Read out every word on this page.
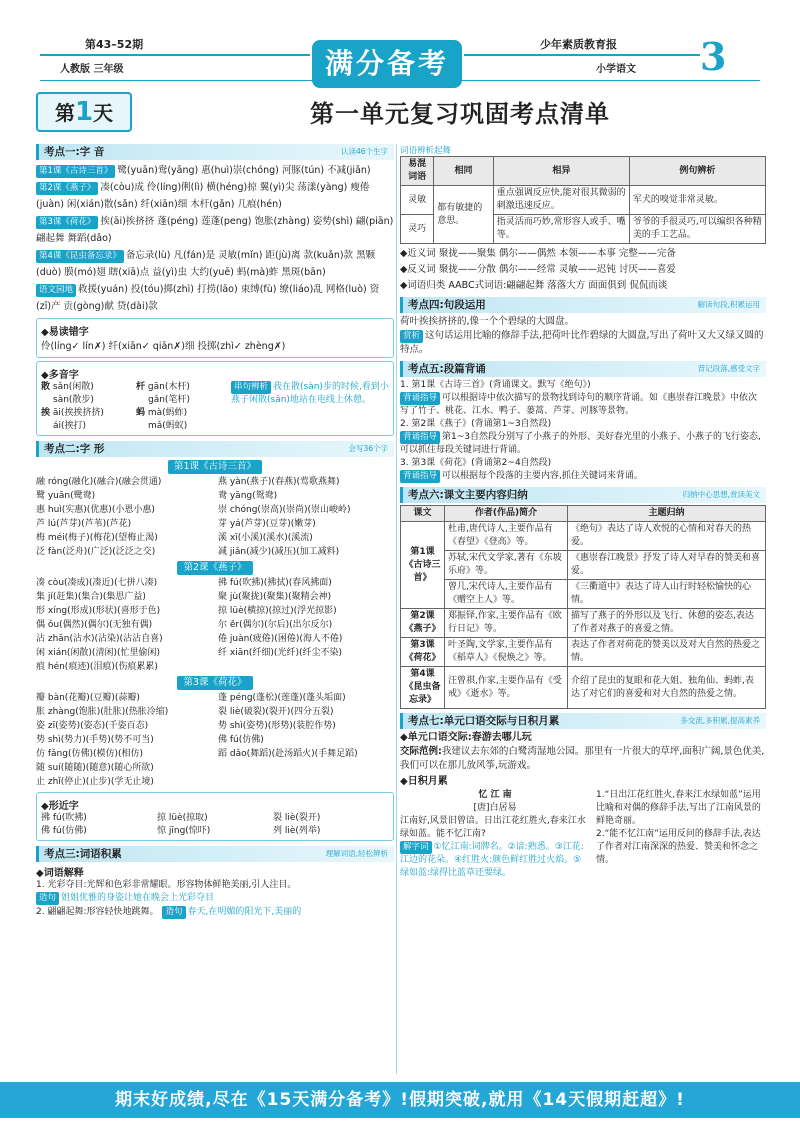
第43–52期
人教版 三年级	满分备考
少年素质教育报
小学语文 3
第1天	第一单元复习巩固考点清单
考点一:字 音	认读46个生字
第1课《古诗三首》 鹭(yuān)鸯(yāng) 惠(huì)崇(chóng) 河豚(tún) 不减(jiǎn)
第2课《燕子》 凑(còu)成 伶(líng)俐(lì) 横(héng)掠 翼(yì)尖 荡漾(yàng) 瘦倦(juàn) 闲(xián)散(sǎn) 纤(xiān)细 木杆(gǎn) 几痕(hén)
第3课《荷花》 挨(āi)挨挤挤 蓬(péng) 莲蓬(peng) 饱胀(zhàng) 姿势(shì) 翩(piān)翩起舞 舞蹈(dǎo)
第4课《昆虫备忘录》 备忘录(lù) 凡(fán)是 灵敏(mǐn) 距(jù)离 款(kuǎn)款 黑颗(duò) 膜(mó)翅 瞎(xiā)点 益(yì)虫 大约(yuē) 蚂(mà)蚱 黑斑(bān)
语文园地 救援(yuán) 投(tóu)掷(zhì) 打捞(lāo) 束缚(fù) 缭(liáo)乱 网格(luò) 资(zī)产 贡(gòng)献 贷(dài)款
◆易读错字
伶(líng✓ lín✗) 纤(xiān✓ qiān✗)细 投掷(zhì✓ zhèng✗)
◆多音字
散 sǎn(闲散)
sàn(散步)
杆 gān(木杆)
gǎn(笔杆)
挨 āi(挨挨挤挤)
ái(挨打)
蚂 mà(蚂蚱)
mǎ(蚂蚁)
串句辨析 我在散(sàn)步的时候,看到小燕子闲散(sǎn)地站在电线上休憩。
考点二:字 形	会写36个字
第1课《古诗三首》
融 róng(融化)(融合)(融会贯通)
鹭 yuān(鹭鸯)
惠 huì(实惠)(优惠)(小恩小惠)
芦 lú(芦芽)(芦苇)(芦花)
梅 méi(梅子)(梅花)(望梅止渴)
泛 fàn(泛舟)(广泛)(泛泛之交)
燕 yàn(燕子)(春燕)(莺歌燕舞)
鸯 yāng(鸳鸯)
崇 chóng(崇高)(崇尚)(崇山峻岭)
芽 yá(芦芽)(豆芽)(嫩芽)
溪 xī(小溪)(溪水)(溪流)
减 jiǎn(减少)(减压)(加工减料)
第2课《燕子》
凑 còu(凑成)(凑近)(七拼八凑)
集 jí(赶集)(集合)(集思广益)
形 xíng(形成)(形状)(喜形于色)
偶 ǒu(偶然)(偶尔)(无独有偶)
沾 zhān(沾水)(沾染)(沾沾自喜)
闲 xián(闲散)(清闲)(忙里偷闲)
痕 hén(痕迹)(泪痕)(伤痕累累)
拂 fú(吹拂)(拂拭)(春风拂面)
聚 jù(聚拢)(聚集)(聚精会神)
掠 lüè(横掠)(掠过)(浮光掠影)
尔 ěr(偶尔)(尔后)(出尔反尔)
倦 juàn(疲倦)(困倦)(海人不倦)
纤 xiān(纤细)(光纤)(纤尘不染)
第3课《荷花》
瓣 bàn(花瓣)(豆瓣)(蒜瓣)
胀 zhàng(饱胀)(肚胀)(热胀冷缩)
姿 zī(姿势)(姿态)(千姿百态)
势 shì(势力)(手势)(势不可当)
仿 fǎng(仿佛)(模仿)(相仿)
随 suí(随随)(随意)(随心所欲)
止 zhǐ(停止)(止步)(学无止境)
蓬 péng(蓬松)(莲蓬)(蓬头垢面)
裂 liè(破裂)(裂开)(四分五裂)
势 shì(姿势)(形势)(装腔作势)
佛 fú(仿佛)
蹈 dǎo(舞蹈)(赴汤蹈火)(手舞足蹈)
◆形近字
拂 fú(吹拂)	掠 lüè(掠取)	裂 liè(裂开)
佛 fú(仿佛)	惊 jīng(惊吓)	列 liè(列举)
考点三:词语积累	理解词语,轻松辨析
◆词语解释
1. 光彩夺目:光辉和色彩非常耀眼。形容物体鲜艳美丽,引人注目。
造句 姐姐优雅的身姿让她在晚会上光彩夺目
2. 翩翩起舞:形容轻快地跳舞。 造句 春天,在明媚的阳光下,美丽的
词语辨析起舞
易混词语	相同	相异	例句辨析
灵敏	都有敏捷的意思。	重点强调反应快,能对很其微弱的刺激迅速反应。	军犬的嗅觉非常灵敏。
灵巧		指灵活而巧妙,常形容人或手、嘴等。	爷爷的手很灵巧,可以编织各种精美的手工艺品。
◆近义词 聚拢——聚集 偶尔——偶然 本领——本事 完整——完备
◆反义词 聚拢——分散 偶尔——经常 灵敏——迟钝 讨厌——喜爱
◆词语归类 AABC式词语:翩翩起舞 落落大方 面面俱到 侃侃而谈
考点四:句段运用	解读句段,积累运用
荷叶挨挨挤挤的,像一个个碧绿的大圆盘。
赏析 这句话运用比喻的修辞手法,把荷叶比作碧绿的大圆盘,写出了荷叶又大又绿又圆的特点。
考点五:段篇背诵	背记段落,感受文字
1. 第1课《古诗三首》(背诵课文。默写《绝句》)
背诵指导 可以根据诗中依次描写的景物找到诗句的顺序背诵。如《惠崇春江晚景》中依次写了竹子、桃花、江水、鸭子、蒌蒿、芦芽、河豚等景物。
2. 第2课《燕子》(背诵第1~3自然段)
背诵指导 第1~3自然段分别写了小燕子的外形、美好春光里的小燕子、小燕子的飞行姿态,可以抓住每段关键词进行背诵。
3. 第3课《荷花》(背诵第2~4自然段)
背诵指导 可以根据每个段落的主要内容,抓住关键词来背诵。
考点六:课文主要内容归纳	归纳中心思想,赏读美文
课文	作者(作品)简介	主题归纳
第1课《古诗三首》	杜甫,唐代诗人,主要作品有《春望》《登高》等。	《绝句》表达了诗人欢悦的心情和对春天的热爱。
	苏轼,宋代文学家,著有《东坡乐府》等。	《惠崇春江晚景》抒发了诗人对早春的赞美和喜爱。
	曾几,宋代诗人,主要作品有《赠空上人》等。	《三衢道中》表达了诗人山行时轻松愉快的心情。
第2课《燕子》	郑振铎,作家,主要作品有《欧行日记》等。	描写了燕子的外形以及飞行、休憩的姿态,表达了作者对燕子的喜爱之情。
第3课《荷花》	叶圣陶,文学家,主要作品有《稻草人》《倪焕之》等。	表达了作者对荷花的赞美以及对大自然的热爱之情。
第4课《昆虫备忘录》	汪曾祺,作家,主要作品有《受戒》《逝水》等。	介绍了昆虫的复眼和花大姐、独角仙、蚂蚱,表达了对它们的喜爱和对大自然的热爱之情。
考点七:单元口语交际与日积月累	多交流,多积累,提高素养
◆单元口语交际:春游去哪儿玩
交际范例:我建议去东郊的白鹭湾湿地公园。那里有一片很大的草坪,面积广阔,景色优美,我们可以在那儿放风筝,玩游戏。
◆日积月累
忆 江 南
[唐]白居易
江南好,风景旧曾谙。日出江花红胜火,春来江水绿如蓝。能不忆江南?
解字词 ①忆江南:词牌名。②谙:熟悉。③江花:江边的花朵。④红胜火:颜色鲜红胜过火焰。⑤绿如蓝:绿得比蓝草还要绿。
1.“日出江花红胜火,春来江水绿如蓝”运用比喻和对偶的修辞手法,写出了江南风景的鲜艳奇丽。
2.“能不忆江南”运用反问的修辞手法,表达了作者对江南深深的热爱、赞美和怀念之情。
期末好成绩,尽在《15天满分备考》!假期突破,就用《14天假期赶超》!
